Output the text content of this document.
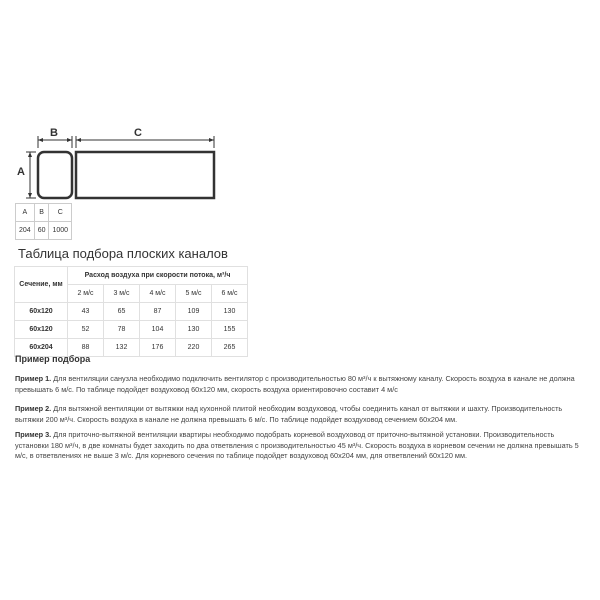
B	C
A
A	B	C
204	60	1000
Таблица подбора плоских каналов
Сечение, мм	Расход воздуха при скорости потока, м³/ч				
	2 м/с	3 м/с	4 м/с	5 м/с	6 м/с
60x120	43	65	87	109	130
60x120	52	78	104	130	155
60x204	88	132	176	220	265
Пример подбора
Пример 1. Для вентиляции санузла необходимо подключить вентилятор с производительностью 80 м³/ч к вытяжному каналу. Скорость воздуха в канале не должна превышать 6 м/с. По таблице подойдет воздуховод 60х120 мм, скорость воздуха ориентировочно составит 4 м/с
Пример 2. Для вытяжной вентиляции от вытяжки над кухонной плитой необходим воздуховод, чтобы соединить канал от вытяжки и шахту. Производительность вытяжки 200 м³/ч. Скорость воздуха в канале не должна превышать 6 м/с. По таблице подойдет воздуховод сечением 60х204 мм.
Пример 3. Для приточно-вытяжной вентиляции квартиры необходимо подобрать корневой воздуховод от приточно-вытяжной установки. Производительность установки 180 м³/ч, в две комнаты будет заходить по два ответвления с производительностью 45 м³/ч. Скорость воздуха в корневом сечении не должна превышать 5 м/с, в ответвлениях не выше 3 м/с. Для корневого сечения по таблице подойдет воздуховод 60х204 мм, для ответвлений 60х120 мм.
